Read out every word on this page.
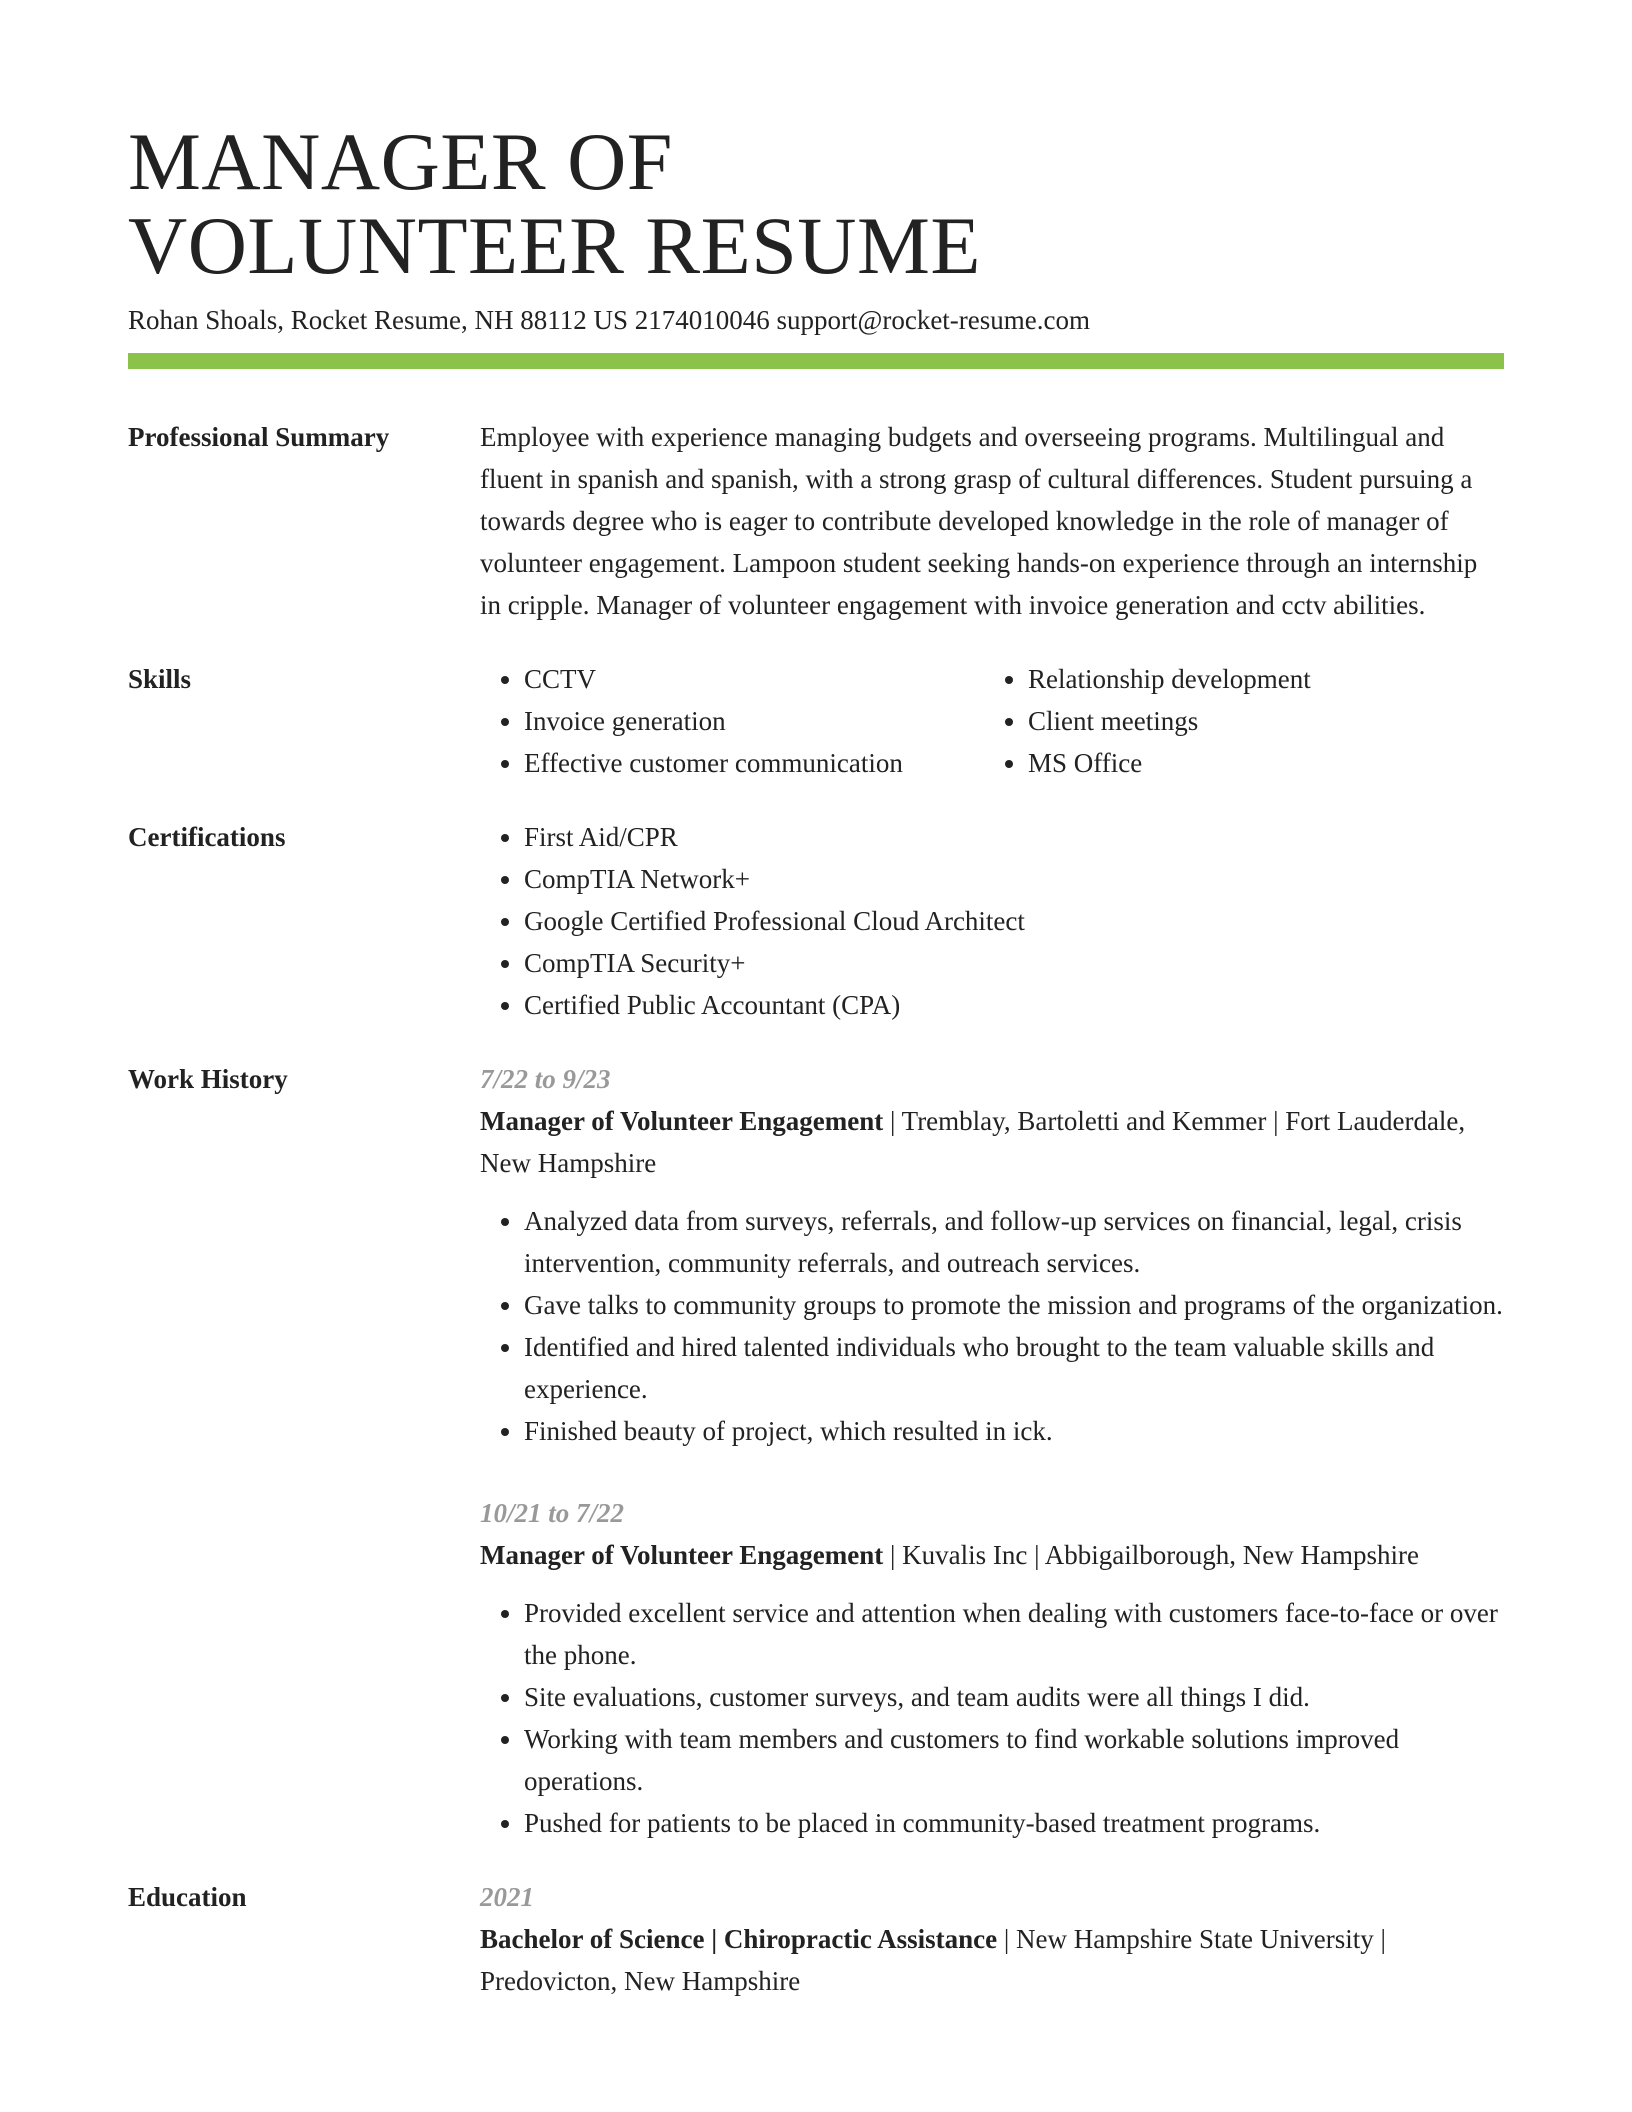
MANAGER OF
VOLUNTEER RESUME
Rohan Shoals, Rocket Resume, NH 88112 US 2174010046 support@rocket-resume.com
Professional Summary	Employee with experience managing budgets and overseeing programs. Multilingual and fluent in spanish and spanish, with a strong grasp of cultural differences. Student pursuing a towards degree who is eager to contribute developed knowledge in the role of manager of volunteer engagement. Lampoon student seeking hands-on experience through an internship in cripple. Manager of volunteer engagement with invoice generation and cctv abilities.
Skills	• CCTV
• Invoice generation
• Effective customer communication
• Relationship development
• Client meetings
• MS Office
Certifications	• First Aid/CPR
• CompTIA Network+
• Google Certified Professional Cloud Architect
• CompTIA Security+
• Certified Public Accountant (CPA)
Work History	7/22 to 9/23
Manager of Volunteer Engagement | Tremblay, Bartoletti and Kemmer | Fort Lauderdale, New Hampshire
• Analyzed data from surveys, referrals, and follow-up services on financial, legal, crisis intervention, community referrals, and outreach services.
• Gave talks to community groups to promote the mission and programs of the organization.
• Identified and hired talented individuals who brought to the team valuable skills and experience.
• Finished beauty of project, which resulted in ick.
10/21 to 7/22
Manager of Volunteer Engagement | Kuvalis Inc | Abbigailborough, New Hampshire
• Provided excellent service and attention when dealing with customers face-to-face or over the phone.
• Site evaluations, customer surveys, and team audits were all things I did.
• Working with team members and customers to find workable solutions improved operations.
• Pushed for patients to be placed in community-based treatment programs.
Education	2021
Bachelor of Science | Chiropractic Assistance | New Hampshire State University | Predovicton, New Hampshire
